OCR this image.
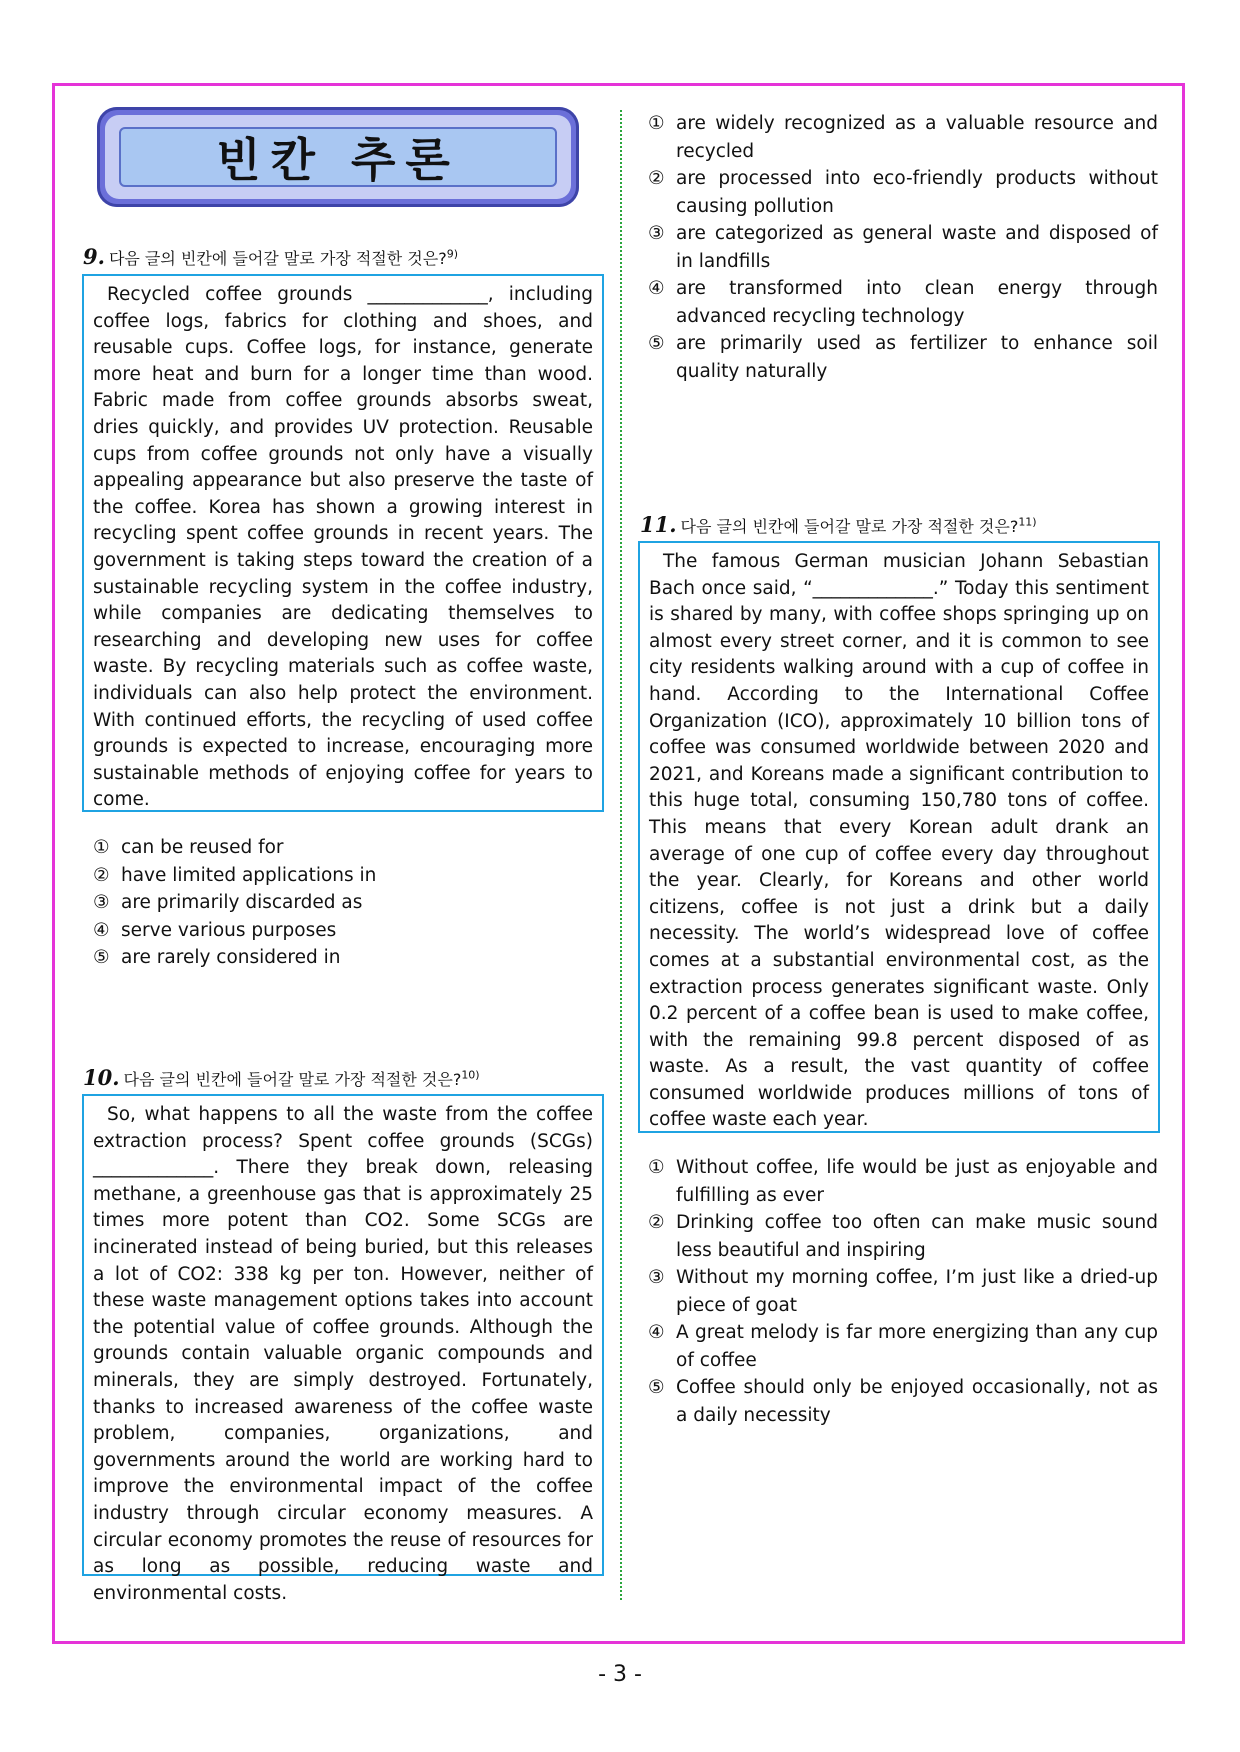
빈칸 추론
9. 다음 글의 빈칸에 들어갈 말로 가장 적절한 것은?$^{9)}$

Recycled coffee grounds _____________, including coffee logs, fabrics for clothing and shoes, and reusable cups. Coffee logs, for instance, generate more heat and burn for a longer time than wood. Fabric made from coffee grounds absorbs sweat, dries quickly, and provides UV protection. Reusable cups from coffee grounds not only have a visually appealing appearance but also preserve the taste of the coffee. Korea has shown a growing interest in recycling spent coffee grounds in recent years. The government is taking steps toward the creation of a sustainable recycling system in the coffee industry, while companies are dedicating themselves to researching and developing new uses for coffee waste. By recycling materials such as coffee waste, individuals can also help protect the environment. With continued efforts, the recycling of used coffee grounds is expected to increase, encouraging more sustainable methods of enjoying coffee for years to come.

① can be reused for
② have limited applications in
③ are primarily discarded as
④ serve various purposes
⑤ are rarely considered in
10. 다음 글의 빈칸에 들어갈 말로 가장 적절한 것은?$^{10)}$

So, what happens to all the waste from the coffee extraction process? Spent coffee grounds (SCGs) _____________. There they break down, releasing methane, a greenhouse gas that is approximately 25 times more potent than CO2. Some SCGs are incinerated instead of being buried, but this releases a lot of CO2: 338 kg per ton. However, neither of these waste management options takes into account the potential value of coffee grounds. Although the grounds contain valuable organic compounds and minerals, they are simply destroyed. Fortunately, thanks to increased awareness of the coffee waste problem, companies, organizations, and governments around the world are working hard to improve the environmental impact of the coffee industry through circular economy measures. A circular economy promotes the reuse of resources for as long as possible, reducing waste and environmental costs.

① are widely recognized as a valuable resource and recycled
② are processed into eco-friendly products without causing pollution
③ are categorized as general waste and disposed of in landfills
④ are transformed into clean energy through advanced recycling technology
⑤ are primarily used as fertilizer to enhance soil quality naturally
11. 다음 글의 빈칸에 들어갈 말로 가장 적절한 것은?$^{11)}$

The famous German musician Johann Sebastian Bach once said, “_____________.” Today this sentiment is shared by many, with coffee shops springing up on almost every street corner, and it is common to see city residents walking around with a cup of coffee in hand. According to the International Coffee Organization (ICO), approximately 10 billion tons of coffee was consumed worldwide between 2020 and 2021, and Koreans made a significant contribution to this huge total, consuming 150,780 tons of coffee. This means that every Korean adult drank an average of one cup of coffee every day throughout the year. Clearly, for Koreans and other world citizens, coffee is not just a drink but a daily necessity. The world’s widespread love of coffee comes at a substantial environmental cost, as the extraction process generates significant waste. Only 0.2 percent of a coffee bean is used to make coffee, with the remaining 99.8 percent disposed of as waste. As a result, the vast quantity of coffee consumed worldwide produces millions of tons of coffee waste each year.

① Without coffee, life would be just as enjoyable and fulfilling as ever
② Drinking coffee too often can make music sound less beautiful and inspiring
③ Without my morning coffee, I’m just like a dried-up piece of goat
④ A great melody is far more energizing than any cup of coffee
⑤ Coffee should only be enjoyed occasionally, not as a daily necessity
- 3 -
